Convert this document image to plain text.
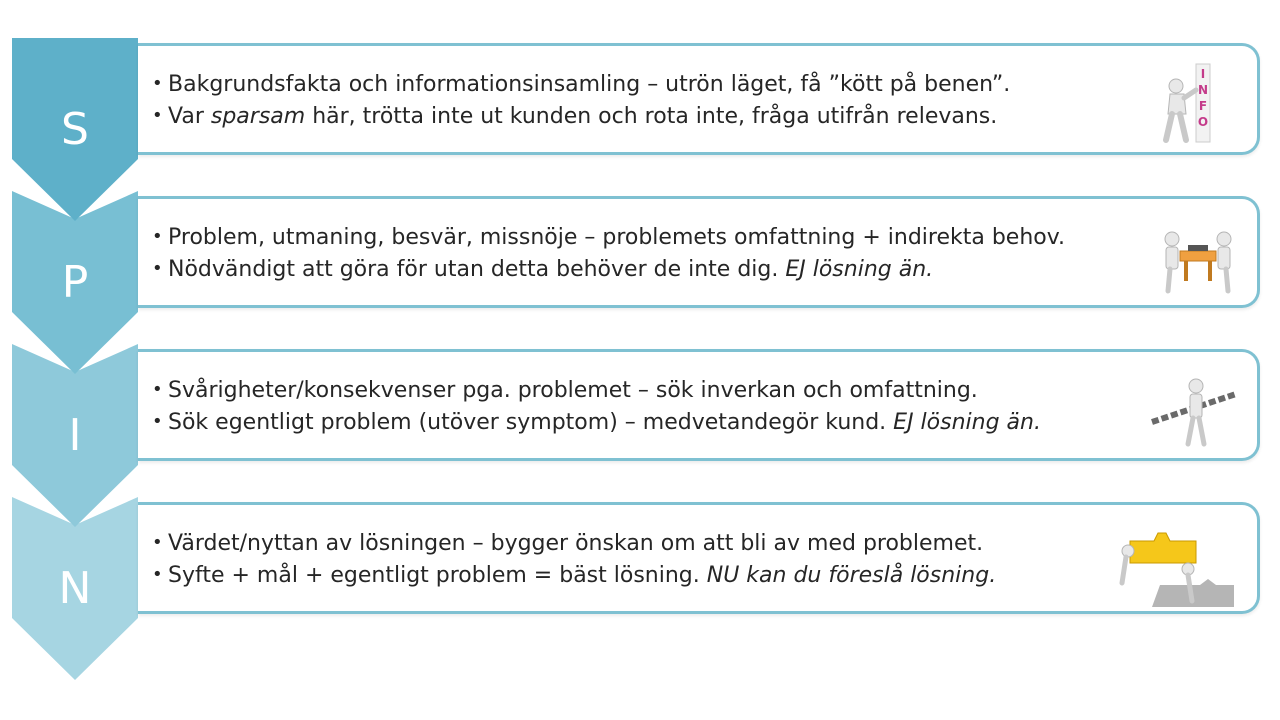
S
P
I
N
• Bakgrundsfakta och informationsinsamling – utrön läget, få ”kött på benen”.
• Var sparsam här, trötta inte ut kunden och rota inte, fråga utifrån relevans.
I
N
F
O
• Problem, utmaning, besvär, missnöje – problemets omfattning + indirekta behov.
• Nödvändigt att göra för utan detta behöver de inte dig. EJ lösning än.
• Svårigheter/konsekvenser pga. problemet – sök inverkan och omfattning.
• Sök egentligt problem (utöver symptom) – medvetandegör kund. EJ lösning än.
• Värdet/nyttan av lösningen – bygger önskan om att bli av med problemet.
• Syfte + mål + egentligt problem = bäst lösning. NU kan du föreslå lösning.
